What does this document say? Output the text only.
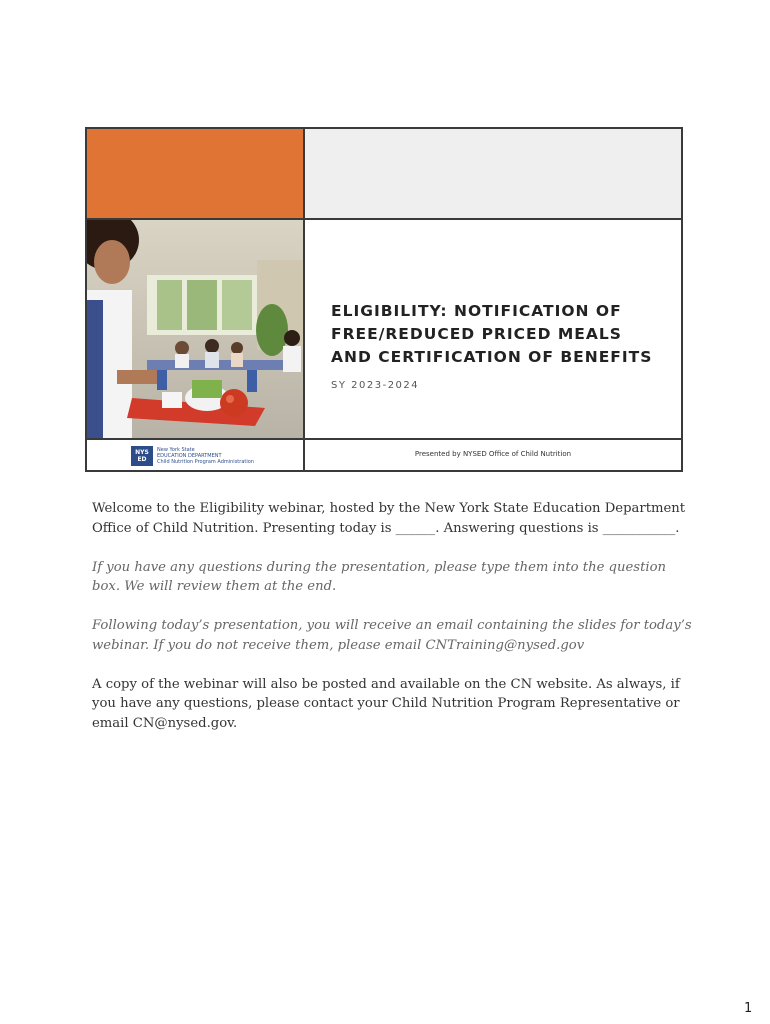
ELIGIBILITY: NOTIFICATION OF
FREE/REDUCED PRICED MEALS
AND CERTIFICATION OF BENEFITS
SY 2023-2024
NYS ED
New York State
EDUCATION DEPARTMENT
Child Nutrition Program Administration
Presented by NYSED Office of Child Nutrition

Welcome to the Eligibility webinar, hosted by the New York State Education Department Office of Child Nutrition. Presenting today is ______. Answering questions is ___________.

If you have any questions during the presentation, please type them into the question box. We will review them at the end.

Following today’s presentation, you will receive an email containing the slides for today’s webinar. If you do not receive them, please email CNTraining@nysed.gov

A copy of the webinar will also be posted and available on the CN website. As always, if you have any questions, please contact your Child Nutrition Program Representative or email CN@nysed.gov.

1
